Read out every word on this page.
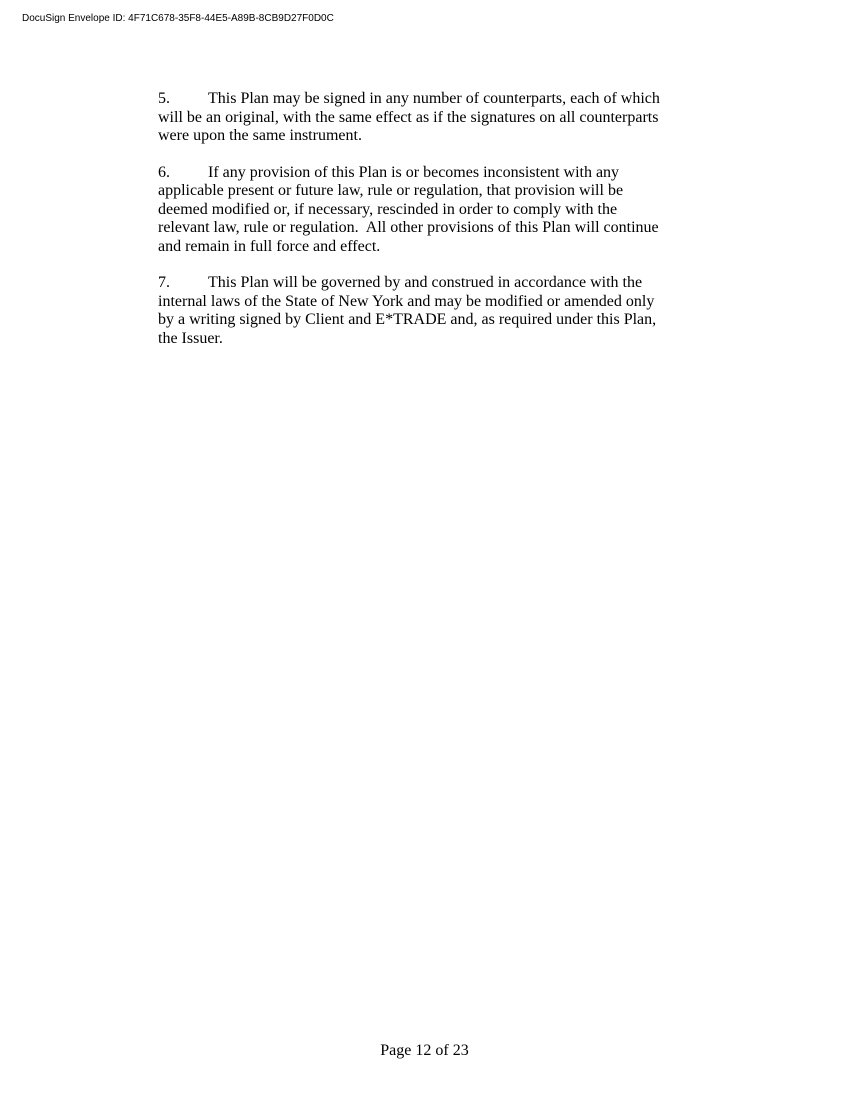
DocuSign Envelope ID: 4F71C678-35F8-44E5-A89B-8CB9D27F0D0C

5. This Plan may be signed in any number of counterparts, each of which
will be an original, with the same effect as if the signatures on all counterparts
were upon the same instrument.

6. If any provision of this Plan is or becomes inconsistent with any
applicable present or future law, rule or regulation, that provision will be
deemed modified or, if necessary, rescinded in order to comply with the
relevant law, rule or regulation.  All other provisions of this Plan will continue
and remain in full force and effect.

7. This Plan will be governed by and construed in accordance with the
internal laws of the State of New York and may be modified or amended only
by a writing signed by Client and E*TRADE and, as required under this Plan,
the Issuer.

Page 12 of 23
